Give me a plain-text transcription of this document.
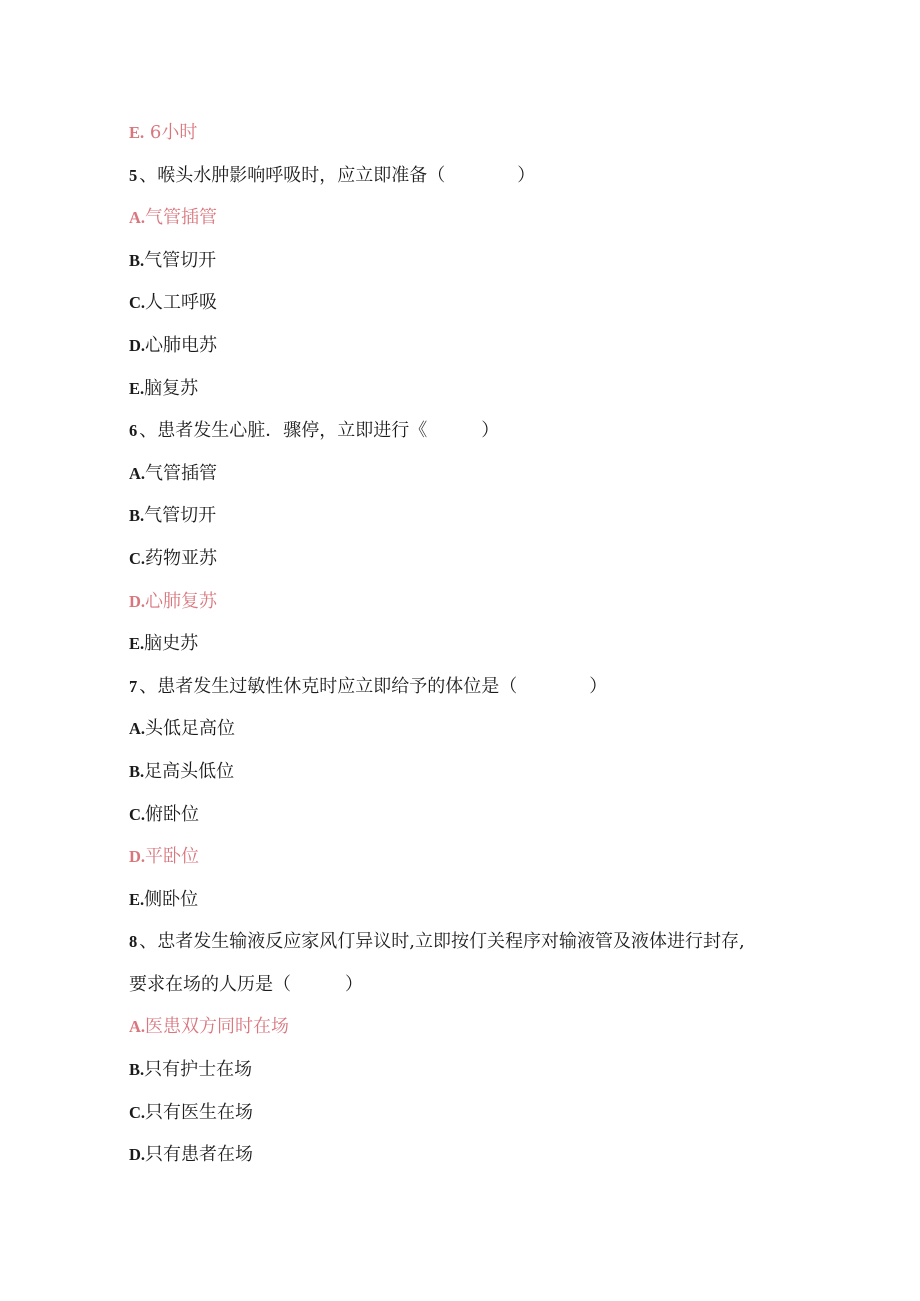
E. 6小时
5 、喉头水肿影响呼吸时，应立即准备（　　　　）
A.气管插管
B.气管切开
C.人工呼吸
D.心肺电苏
E.脑复苏
6 、患者发生心脏．骤停，立即进行《　　　）
A.气管插管
B.气管切开
C.药物亚苏
D.心肺复苏
E.脑史苏
7 、患者发生过敏性休克时应立即给予的体位是（　　　　）
A.头低足高位
B.足高头低位
C.俯卧位
D.平卧位
E.侧卧位
8 、忠者发生输液反应家风仃异议时,立即按仃关程序对输液管及液体进行封存,
要求在场的人历是（　　　）
A.医患双方同时在场
B.只有护士在场
C.只有医生在场
D.只有患者在场
